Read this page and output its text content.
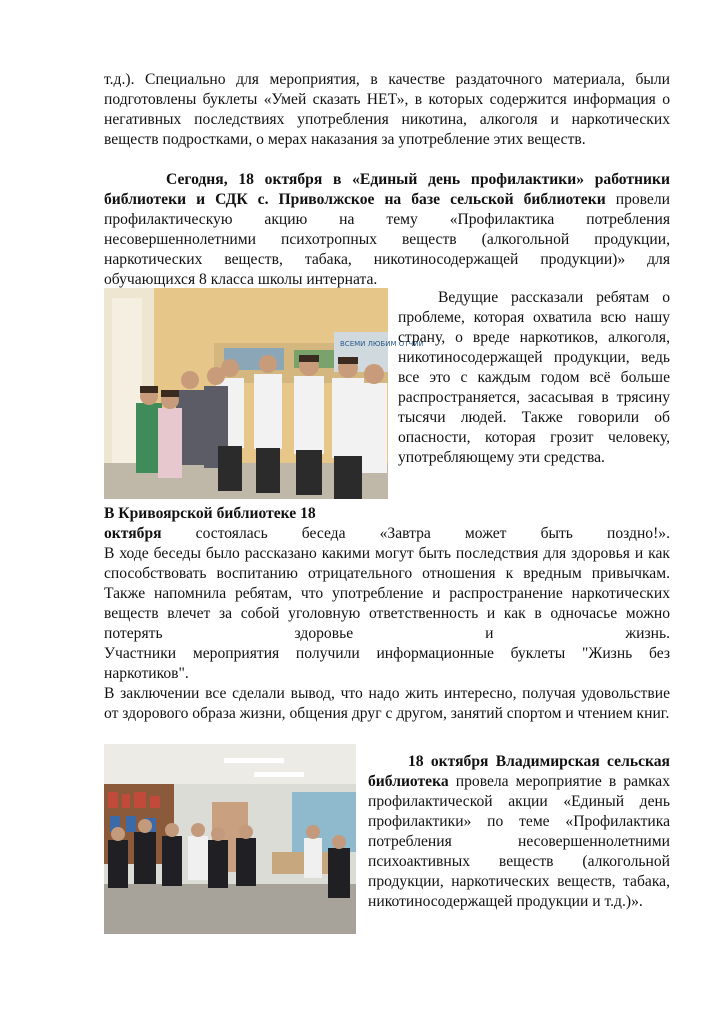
т.д.). Специально для мероприятия, в качестве раздаточного материала, были подготовлены буклеты «Умей сказать НЕТ», в которых содержится информация о негативных последствиях употребления никотина, алкоголя и наркотических веществ подростками, о мерах наказания за употребление этих веществ.

Сегодня, 18 октября в «Единый день профилактики» работники библиотеки и СДК с. Приволжское на базе сельской библиотеки провели профилактическую акцию на тему «Профилактика потребления несовершеннолетними психотропных веществ (алкогольной продукции, наркотических веществ, табака, никотиносодержащей продукции)» для обучающихся 8 класса школы интерната.

ВСЕМИ ЛЮБИМ ОТЧИЙ

Ведущие рассказали ребятам о проблеме, которая охватила всю нашу страну, о вреде наркотиков, алкоголя, никотиносодержащей продукции, ведь все это с каждым годом всё больше распространяется, засасывая в трясину тысячи людей. Также говорили об опасности, которая грозит человеку, употребляющему эти средства.

В Кривоярской библиотеке 18

октября состоялась беседа «Завтра может быть поздно!».

В ходе беседы было рассказано какими могут быть последствия для здоровья и как способствовать воспитанию отрицательного отношения к вредным привычкам. Также напомнила ребятам, что употребление и распространение наркотических веществ влечет за собой уголовную ответственность и как в одночасье можно потерять здоровье и жизнь.

Участники мероприятия получили информационные буклеты "Жизнь без наркотиков".

В заключении все сделали вывод, что надо жить интересно, получая удовольствие от здорового образа жизни, общения друг с другом, занятий спортом и чтением книг.

18 октября Владимирская сельская библиотека провела мероприятие в рамках профилактической акции «Единый день профилактики» по теме «Профилактика потребления несовершеннолетними психоактивных веществ (алкогольной продукции, наркотических веществ, табака, никотиносодержащей продукции и т.д.)».
